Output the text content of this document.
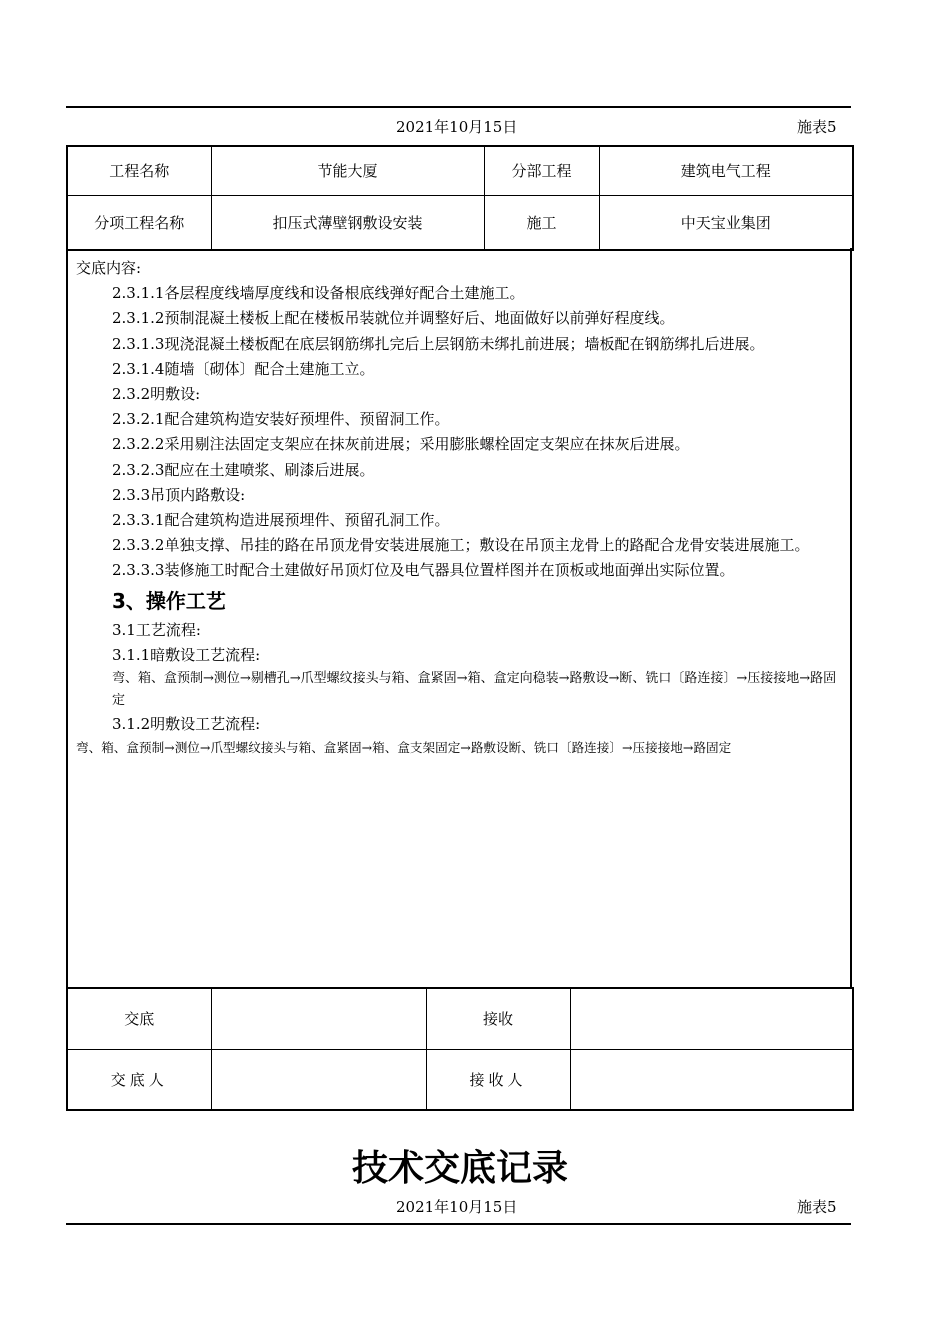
2021年10月15日	施表5
工程名称	节能大厦	分部工程	建筑电气工程
分项工程名称	扣压式薄壁钢敷设安装	施工	中天宝业集团
交底内容:
2.3.1.1各层程度线墙厚度线和设备根底线弹好配合土建施工。
2.3.1.2预制混凝土楼板上配在楼板吊装就位并调整好后、地面做好以前弹好程度线。
2.3.1.3现浇混凝土楼板配在底层钢筋绑扎完后上层钢筋未绑扎前进展；墙板配在钢筋绑扎后进展。
2.3.1.4随墙〔砌体〕配合土建施工立。
2.3.2明敷设:
2.3.2.1配合建筑构造安装好预埋件、预留洞工作。
2.3.2.2采用剔注法固定支架应在抹灰前进展；采用膨胀螺栓固定支架应在抹灰后进展。
2.3.2.3配应在土建喷浆、刷漆后进展。
2.3.3吊顶内路敷设:
2.3.3.1配合建筑构造进展预埋件、预留孔洞工作。
2.3.3.2单独支撑、吊挂的路在吊顶龙骨安装进展施工；敷设在吊顶主龙骨上的路配合龙骨安装进展施工。
2.3.3.3装修施工时配合土建做好吊顶灯位及电气器具位置样图并在顶板或地面弹出实际位置。
3、操作工艺
3.1工艺流程:
3.1.1暗敷设工艺流程:
弯、箱、盒预制→测位→剔槽孔→爪型螺纹接头与箱、盒紧固→箱、盒定向稳装→路敷设→断、铣口〔路连接〕→压接接地→路固定
3.1.2明敷设工艺流程:
弯、箱、盒预制→测位→爪型螺纹接头与箱、盒紧固→箱、盒支架固定→路敷设断、铣口〔路连接〕→压接接地→路固定
交底		接收	
交底人		接收人	
技术交底记录
2021年10月15日	施表5
